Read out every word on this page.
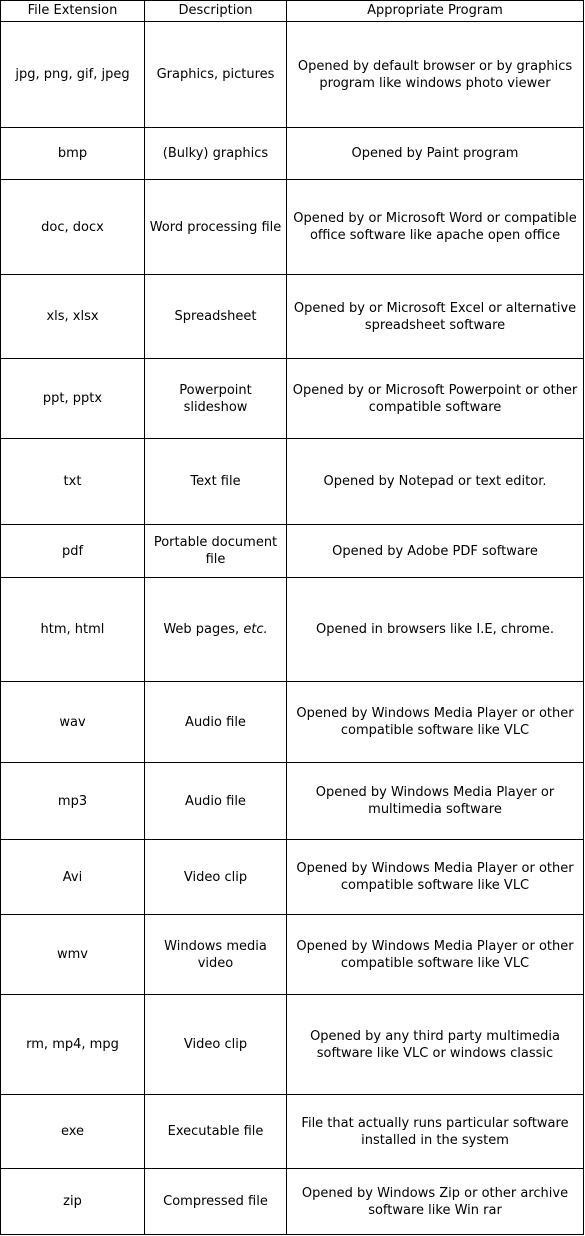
File Extension	Description	Appropriate Program
jpg, png, gif, jpeg	Graphics, pictures	Opened by default browser or by graphics program like windows photo viewer
bmp	(Bulky) graphics	Opened by Paint program
doc, docx	Word processing file	Opened by or Microsoft Word or compatible office software like apache open office
xls, xlsx	Spreadsheet	Opened by or Microsoft Excel or alternative spreadsheet software
ppt, pptx	Powerpoint slideshow	Opened by or Microsoft Powerpoint or other compatible software
txt	Text file	Opened by Notepad or text editor.
pdf	Portable document file	Opened by Adobe PDF software
htm, html	Web pages, etc.	Opened in browsers like I.E, chrome.
wav	Audio file	Opened by Windows Media Player or other compatible software like VLC
mp3	Audio file	Opened by Windows Media Player or multimedia software
Avi	Video clip	Opened by Windows Media Player or other compatible software like VLC
wmv	Windows media video	Opened by Windows Media Player or other compatible software like VLC
rm, mp4, mpg	Video clip	Opened by any third party multimedia software like VLC or windows classic
exe	Executable file	File that actually runs particular software installed in the system
zip	Compressed file	Opened by Windows Zip or other archive software like Win rar
